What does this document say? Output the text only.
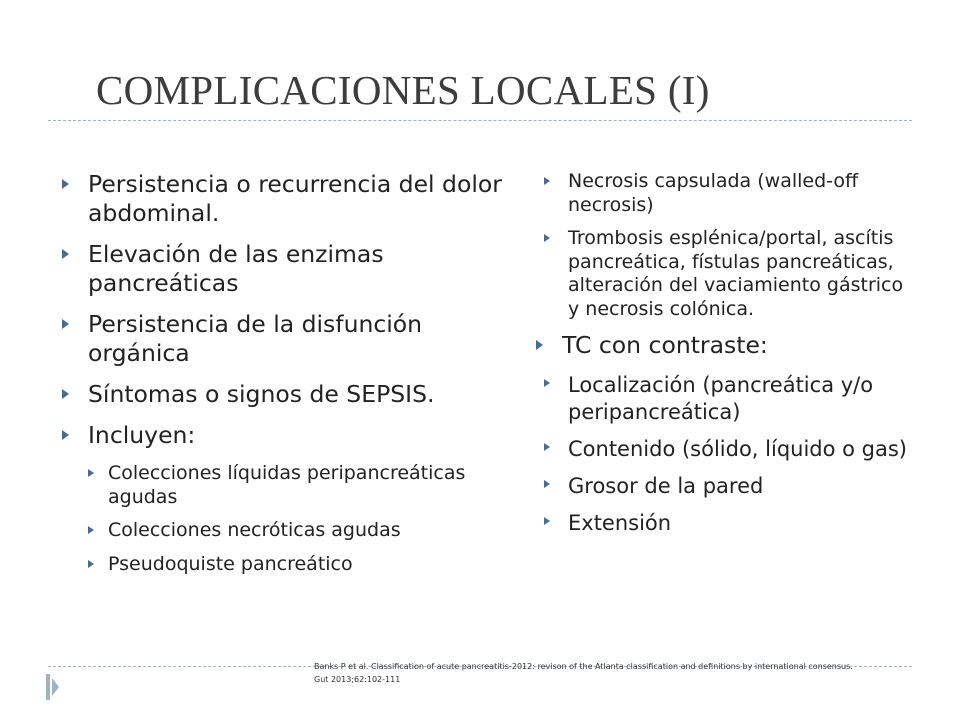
COMPLICACIONES LOCALES (I)
Persistencia o recurrencia del dolor abdominal.
Elevación de las enzimas pancreáticas
Persistencia de la disfunción orgánica
Síntomas o signos de SEPSIS.
Incluyen:
Colecciones líquidas peripancreáticas agudas
Colecciones necróticas agudas
Pseudoquiste pancreático
Necrosis capsulada (walled-off necrosis)
Trombosis esplénica/portal, ascítis pancreática, fístulas pancreáticas, alteración del vaciamiento gástrico y necrosis colónica.
TC con contraste:
Localización (pancreática y/o peripancreática)
Contenido (sólido, líquido o gas)
Grosor de la pared
Extensión
Banks P et al. Classification of acute pancreatitis-2012: revison of the Atlanta classification and definitions by international consensus.
Gut 2013;62:102-111
